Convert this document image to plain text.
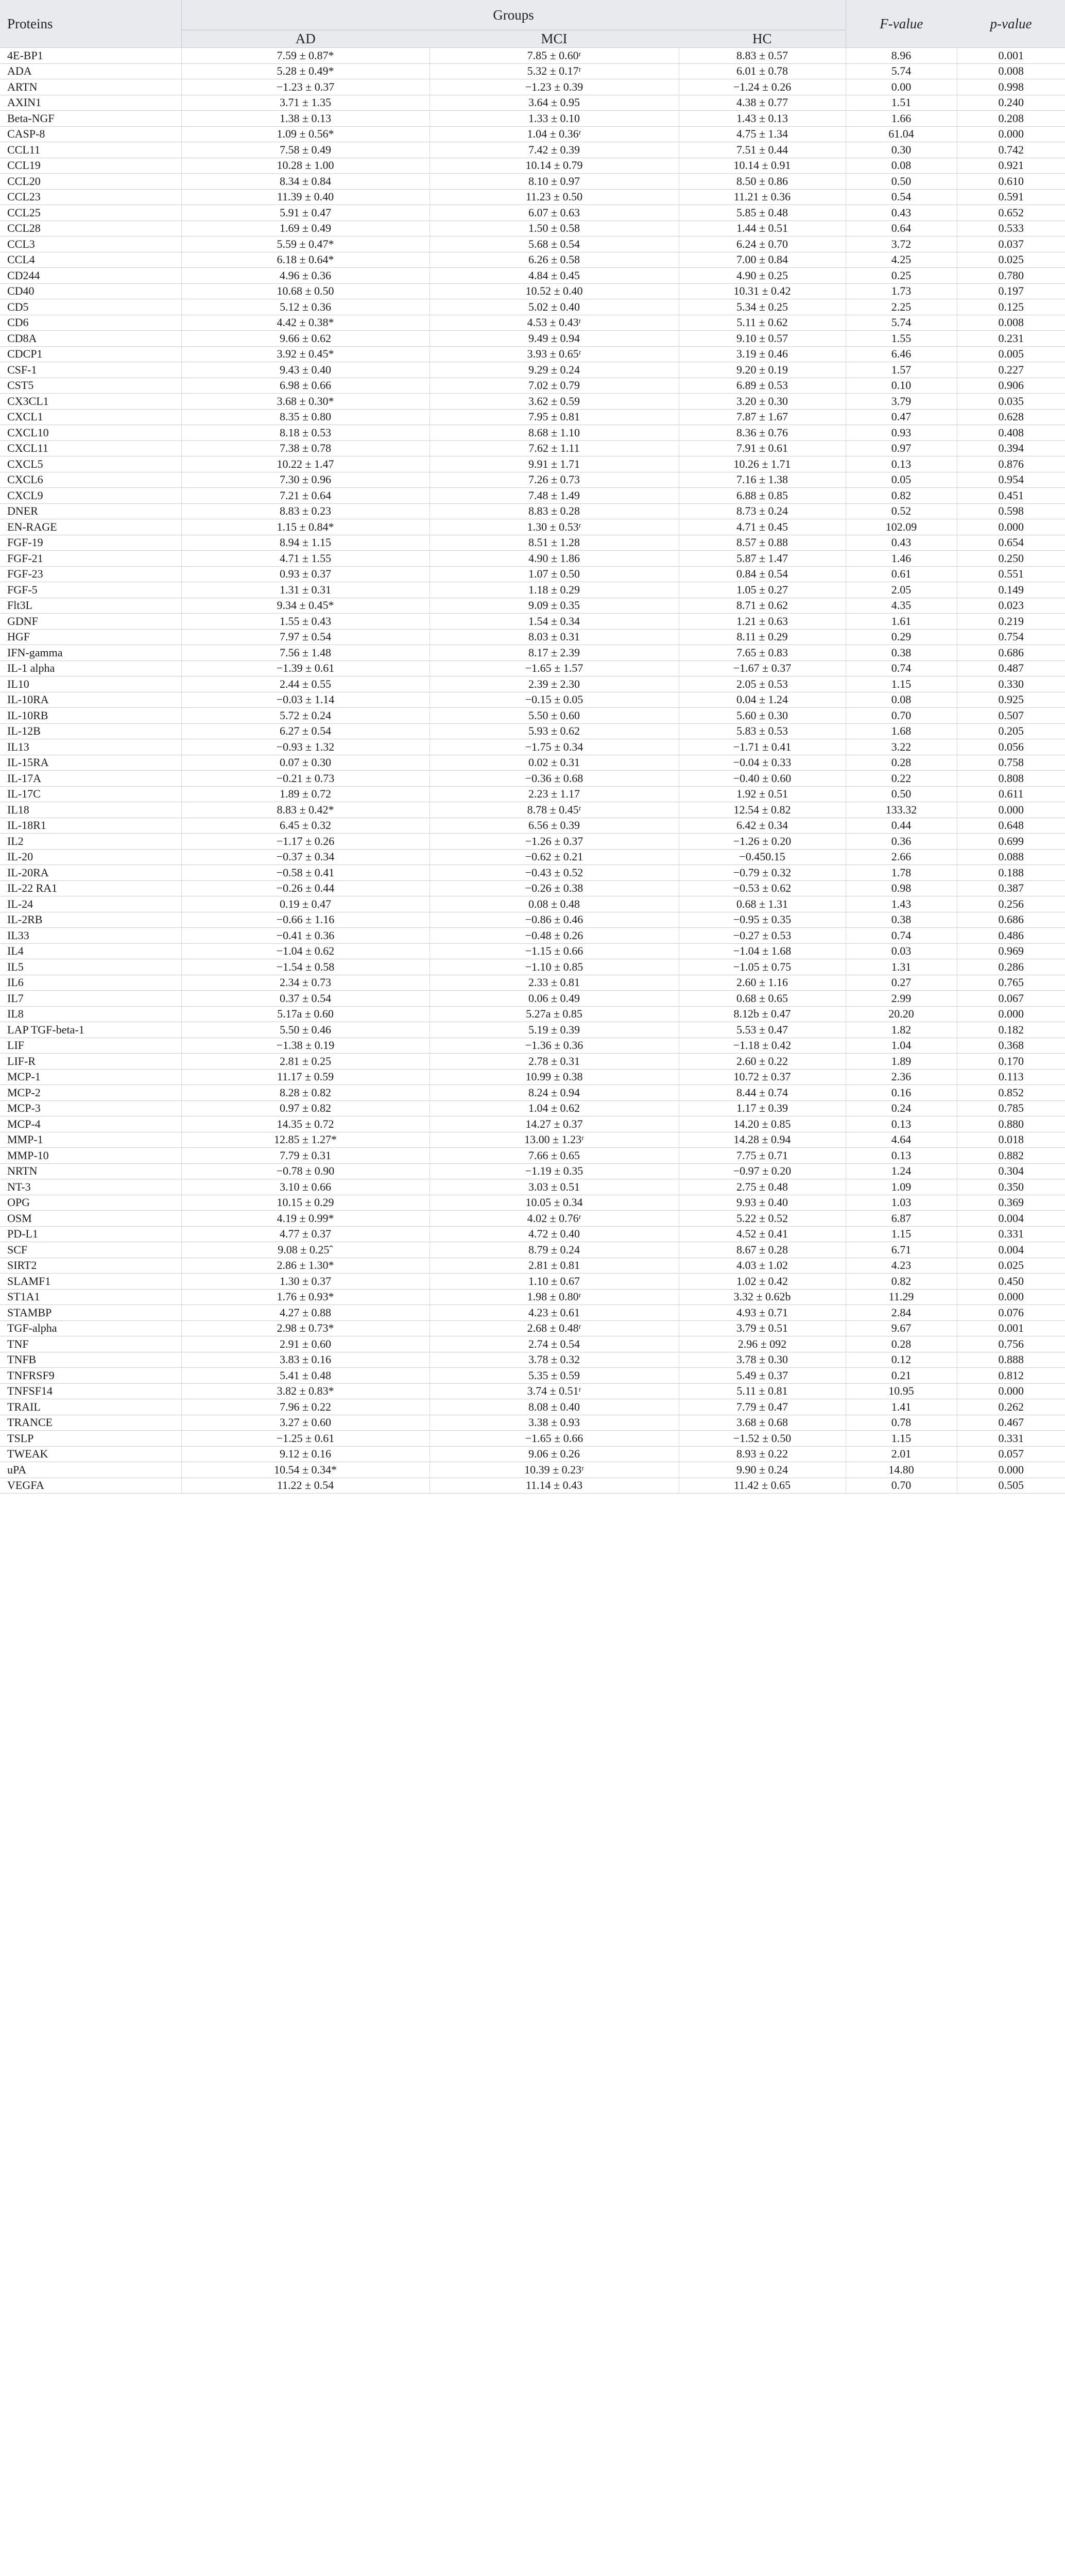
Proteins	Groups			F-value	p-value
	AD	MCI	HC		
4E-BP1	7.59 ± 0.87*	7.85 ± 0.60ʳ	8.83 ± 0.57	8.96	0.001
ADA	5.28 ± 0.49*	5.32 ± 0.17ʳ	6.01 ± 0.78	5.74	0.008
ARTN	−1.23 ± 0.37	−1.23 ± 0.39	−1.24 ± 0.26	0.00	0.998
AXIN1	3.71 ± 1.35	3.64 ± 0.95	4.38 ± 0.77	1.51	0.240
Beta-NGF	1.38 ± 0.13	1.33 ± 0.10	1.43 ± 0.13	1.66	0.208
CASP-8	1.09 ± 0.56*	1.04 ± 0.36ʳ	4.75 ± 1.34	61.04	0.000
CCL11	7.58 ± 0.49	7.42 ± 0.39	7.51 ± 0.44	0.30	0.742
CCL19	10.28 ± 1.00	10.14 ± 0.79	10.14 ± 0.91	0.08	0.921
CCL20	8.34 ± 0.84	8.10 ± 0.97	8.50 ± 0.86	0.50	0.610
CCL23	11.39 ± 0.40	11.23 ± 0.50	11.21 ± 0.36	0.54	0.591
CCL25	5.91 ± 0.47	6.07 ± 0.63	5.85 ± 0.48	0.43	0.652
CCL28	1.69 ± 0.49	1.50 ± 0.58	1.44 ± 0.51	0.64	0.533
CCL3	5.59 ± 0.47*	5.68 ± 0.54	6.24 ± 0.70	3.72	0.037
CCL4	6.18 ± 0.64*	6.26 ± 0.58	7.00 ± 0.84	4.25	0.025
CD244	4.96 ± 0.36	4.84 ± 0.45	4.90 ± 0.25	0.25	0.780
CD40	10.68 ± 0.50	10.52 ± 0.40	10.31 ± 0.42	1.73	0.197
CD5	5.12 ± 0.36	5.02 ± 0.40	5.34 ± 0.25	2.25	0.125
CD6	4.42 ± 0.38*	4.53 ± 0.43ʳ	5.11 ± 0.62	5.74	0.008
CD8A	9.66 ± 0.62	9.49 ± 0.94	9.10 ± 0.57	1.55	0.231
CDCP1	3.92 ± 0.45*	3.93 ± 0.65ʳ	3.19 ± 0.46	6.46	0.005
CSF-1	9.43 ± 0.40	9.29 ± 0.24	9.20 ± 0.19	1.57	0.227
CST5	6.98 ± 0.66	7.02 ± 0.79	6.89 ± 0.53	0.10	0.906
CX3CL1	3.68 ± 0.30*	3.62 ± 0.59	3.20 ± 0.30	3.79	0.035
CXCL1	8.35 ± 0.80	7.95 ± 0.81	7.87 ± 1.67	0.47	0.628
CXCL10	8.18 ± 0.53	8.68 ± 1.10	8.36 ± 0.76	0.93	0.408
CXCL11	7.38 ± 0.78	7.62 ± 1.11	7.91 ± 0.61	0.97	0.394
CXCL5	10.22 ± 1.47	9.91 ± 1.71	10.26 ± 1.71	0.13	0.876
CXCL6	7.30 ± 0.96	7.26 ± 0.73	7.16 ± 1.38	0.05	0.954
CXCL9	7.21 ± 0.64	7.48 ± 1.49	6.88 ± 0.85	0.82	0.451
DNER	8.83 ± 0.23	8.83 ± 0.28	8.73 ± 0.24	0.52	0.598
EN-RAGE	1.15 ± 0.84*	1.30 ± 0.53ʳ	4.71 ± 0.45	102.09	0.000
FGF-19	8.94 ± 1.15	8.51 ± 1.28	8.57 ± 0.88	0.43	0.654
FGF-21	4.71 ± 1.55	4.90 ± 1.86	5.87 ± 1.47	1.46	0.250
FGF-23	0.93 ± 0.37	1.07 ± 0.50	0.84 ± 0.54	0.61	0.551
FGF-5	1.31 ± 0.31	1.18 ± 0.29	1.05 ± 0.27	2.05	0.149
Flt3L	9.34 ± 0.45*	9.09 ± 0.35	8.71 ± 0.62	4.35	0.023
GDNF	1.55 ± 0.43	1.54 ± 0.34	1.21 ± 0.63	1.61	0.219
HGF	7.97 ± 0.54	8.03 ± 0.31	8.11 ± 0.29	0.29	0.754
IFN-gamma	7.56 ± 1.48	8.17 ± 2.39	7.65 ± 0.83	0.38	0.686
IL-1 alpha	−1.39 ± 0.61	−1.65 ± 1.57	−1.67 ± 0.37	0.74	0.487
IL10	2.44 ± 0.55	2.39 ± 2.30	2.05 ± 0.53	1.15	0.330
IL-10RA	−0.03 ± 1.14	−0.15 ± 0.05	0.04 ± 1.24	0.08	0.925
IL-10RB	5.72 ± 0.24	5.50 ± 0.60	5.60 ± 0.30	0.70	0.507
IL-12B	6.27 ± 0.54	5.93 ± 0.62	5.83 ± 0.53	1.68	0.205
IL13	−0.93 ± 1.32	−1.75 ± 0.34	−1.71 ± 0.41	3.22	0.056
IL-15RA	0.07 ± 0.30	0.02 ± 0.31	−0.04 ± 0.33	0.28	0.758
IL-17A	−0.21 ± 0.73	−0.36 ± 0.68	−0.40 ± 0.60	0.22	0.808
IL-17C	1.89 ± 0.72	2.23 ± 1.17	1.92 ± 0.51	0.50	0.611
IL18	8.83 ± 0.42*	8.78 ± 0.45ʳ	12.54 ± 0.82	133.32	0.000
IL-18R1	6.45 ± 0.32	6.56 ± 0.39	6.42 ± 0.34	0.44	0.648
IL2	−1.17 ± 0.26	−1.26 ± 0.37	−1.26 ± 0.20	0.36	0.699
IL-20	−0.37 ± 0.34	−0.62 ± 0.21	−0.450.15	2.66	0.088
IL-20RA	−0.58 ± 0.41	−0.43 ± 0.52	−0.79 ± 0.32	1.78	0.188
IL-22 RA1	−0.26 ± 0.44	−0.26 ± 0.38	−0.53 ± 0.62	0.98	0.387
IL-24	0.19 ± 0.47	0.08 ± 0.48	0.68 ± 1.31	1.43	0.256
IL-2RB	−0.66 ± 1.16	−0.86 ± 0.46	−0.95 ± 0.35	0.38	0.686
IL33	−0.41 ± 0.36	−0.48 ± 0.26	−0.27 ± 0.53	0.74	0.486
IL4	−1.04 ± 0.62	−1.15 ± 0.66	−1.04 ± 1.68	0.03	0.969
IL5	−1.54 ± 0.58	−1.10 ± 0.85	−1.05 ± 0.75	1.31	0.286
IL6	2.34 ± 0.73	2.33 ± 0.81	2.60 ± 1.16	0.27	0.765
IL7	0.37 ± 0.54	0.06 ± 0.49	0.68 ± 0.65	2.99	0.067
IL8	5.17a ± 0.60	5.27a ± 0.85	8.12b ± 0.47	20.20	0.000
LAP TGF-beta-1	5.50 ± 0.46	5.19 ± 0.39	5.53 ± 0.47	1.82	0.182
LIF	−1.38 ± 0.19	−1.36 ± 0.36	−1.18 ± 0.42	1.04	0.368
LIF-R	2.81 ± 0.25	2.78 ± 0.31	2.60 ± 0.22	1.89	0.170
MCP-1	11.17 ± 0.59	10.99 ± 0.38	10.72 ± 0.37	2.36	0.113
MCP-2	8.28 ± 0.82	8.24 ± 0.94	8.44 ± 0.74	0.16	0.852
MCP-3	0.97 ± 0.82	1.04 ± 0.62	1.17 ± 0.39	0.24	0.785
MCP-4	14.35 ± 0.72	14.27 ± 0.37	14.20 ± 0.85	0.13	0.880
MMP-1	12.85 ± 1.27*	13.00 ± 1.23ʳ	14.28 ± 0.94	4.64	0.018
MMP-10	7.79 ± 0.31	7.66 ± 0.65	7.75 ± 0.71	0.13	0.882
NRTN	−0.78 ± 0.90	−1.19 ± 0.35	−0.97 ± 0.20	1.24	0.304
NT-3	3.10 ± 0.66	3.03 ± 0.51	2.75 ± 0.48	1.09	0.350
OPG	10.15 ± 0.29	10.05 ± 0.34	9.93 ± 0.40	1.03	0.369
OSM	4.19 ± 0.99*	4.02 ± 0.76ʳ	5.22 ± 0.52	6.87	0.004
PD-L1	4.77 ± 0.37	4.72 ± 0.40	4.52 ± 0.41	1.15	0.331
SCF	9.08 ± 0.25ˆ	8.79 ± 0.24	8.67 ± 0.28	6.71	0.004
SIRT2	2.86 ± 1.30*	2.81 ± 0.81	4.03 ± 1.02	4.23	0.025
SLAMF1	1.30 ± 0.37	1.10 ± 0.67	1.02 ± 0.42	0.82	0.450
ST1A1	1.76 ± 0.93*	1.98 ± 0.80ʳ	3.32 ± 0.62b	11.29	0.000
STAMBP	4.27 ± 0.88	4.23 ± 0.61	4.93 ± 0.71	2.84	0.076
TGF-alpha	2.98 ± 0.73*	2.68 ± 0.48ʳ	3.79 ± 0.51	9.67	0.001
TNF	2.91 ± 0.60	2.74 ± 0.54	2.96 ± 092	0.28	0.756
TNFB	3.83 ± 0.16	3.78 ± 0.32	3.78 ± 0.30	0.12	0.888
TNFRSF9	5.41 ± 0.48	5.35 ± 0.59	5.49 ± 0.37	0.21	0.812
TNFSF14	3.82 ± 0.83*	3.74 ± 0.51ʳ	5.11 ± 0.81	10.95	0.000
TRAIL	7.96 ± 0.22	8.08 ± 0.40	7.79 ± 0.47	1.41	0.262
TRANCE	3.27 ± 0.60	3.38 ± 0.93	3.68 ± 0.68	0.78	0.467
TSLP	−1.25 ± 0.61	−1.65 ± 0.66	−1.52 ± 0.50	1.15	0.331
TWEAK	9.12 ± 0.16	9.06 ± 0.26	8.93 ± 0.22	2.01	0.057
uPA	10.54 ± 0.34*	10.39 ± 0.23ʳ	9.90 ± 0.24	14.80	0.000
VEGFA	11.22 ± 0.54	11.14 ± 0.43	11.42 ± 0.65	0.70	0.505
